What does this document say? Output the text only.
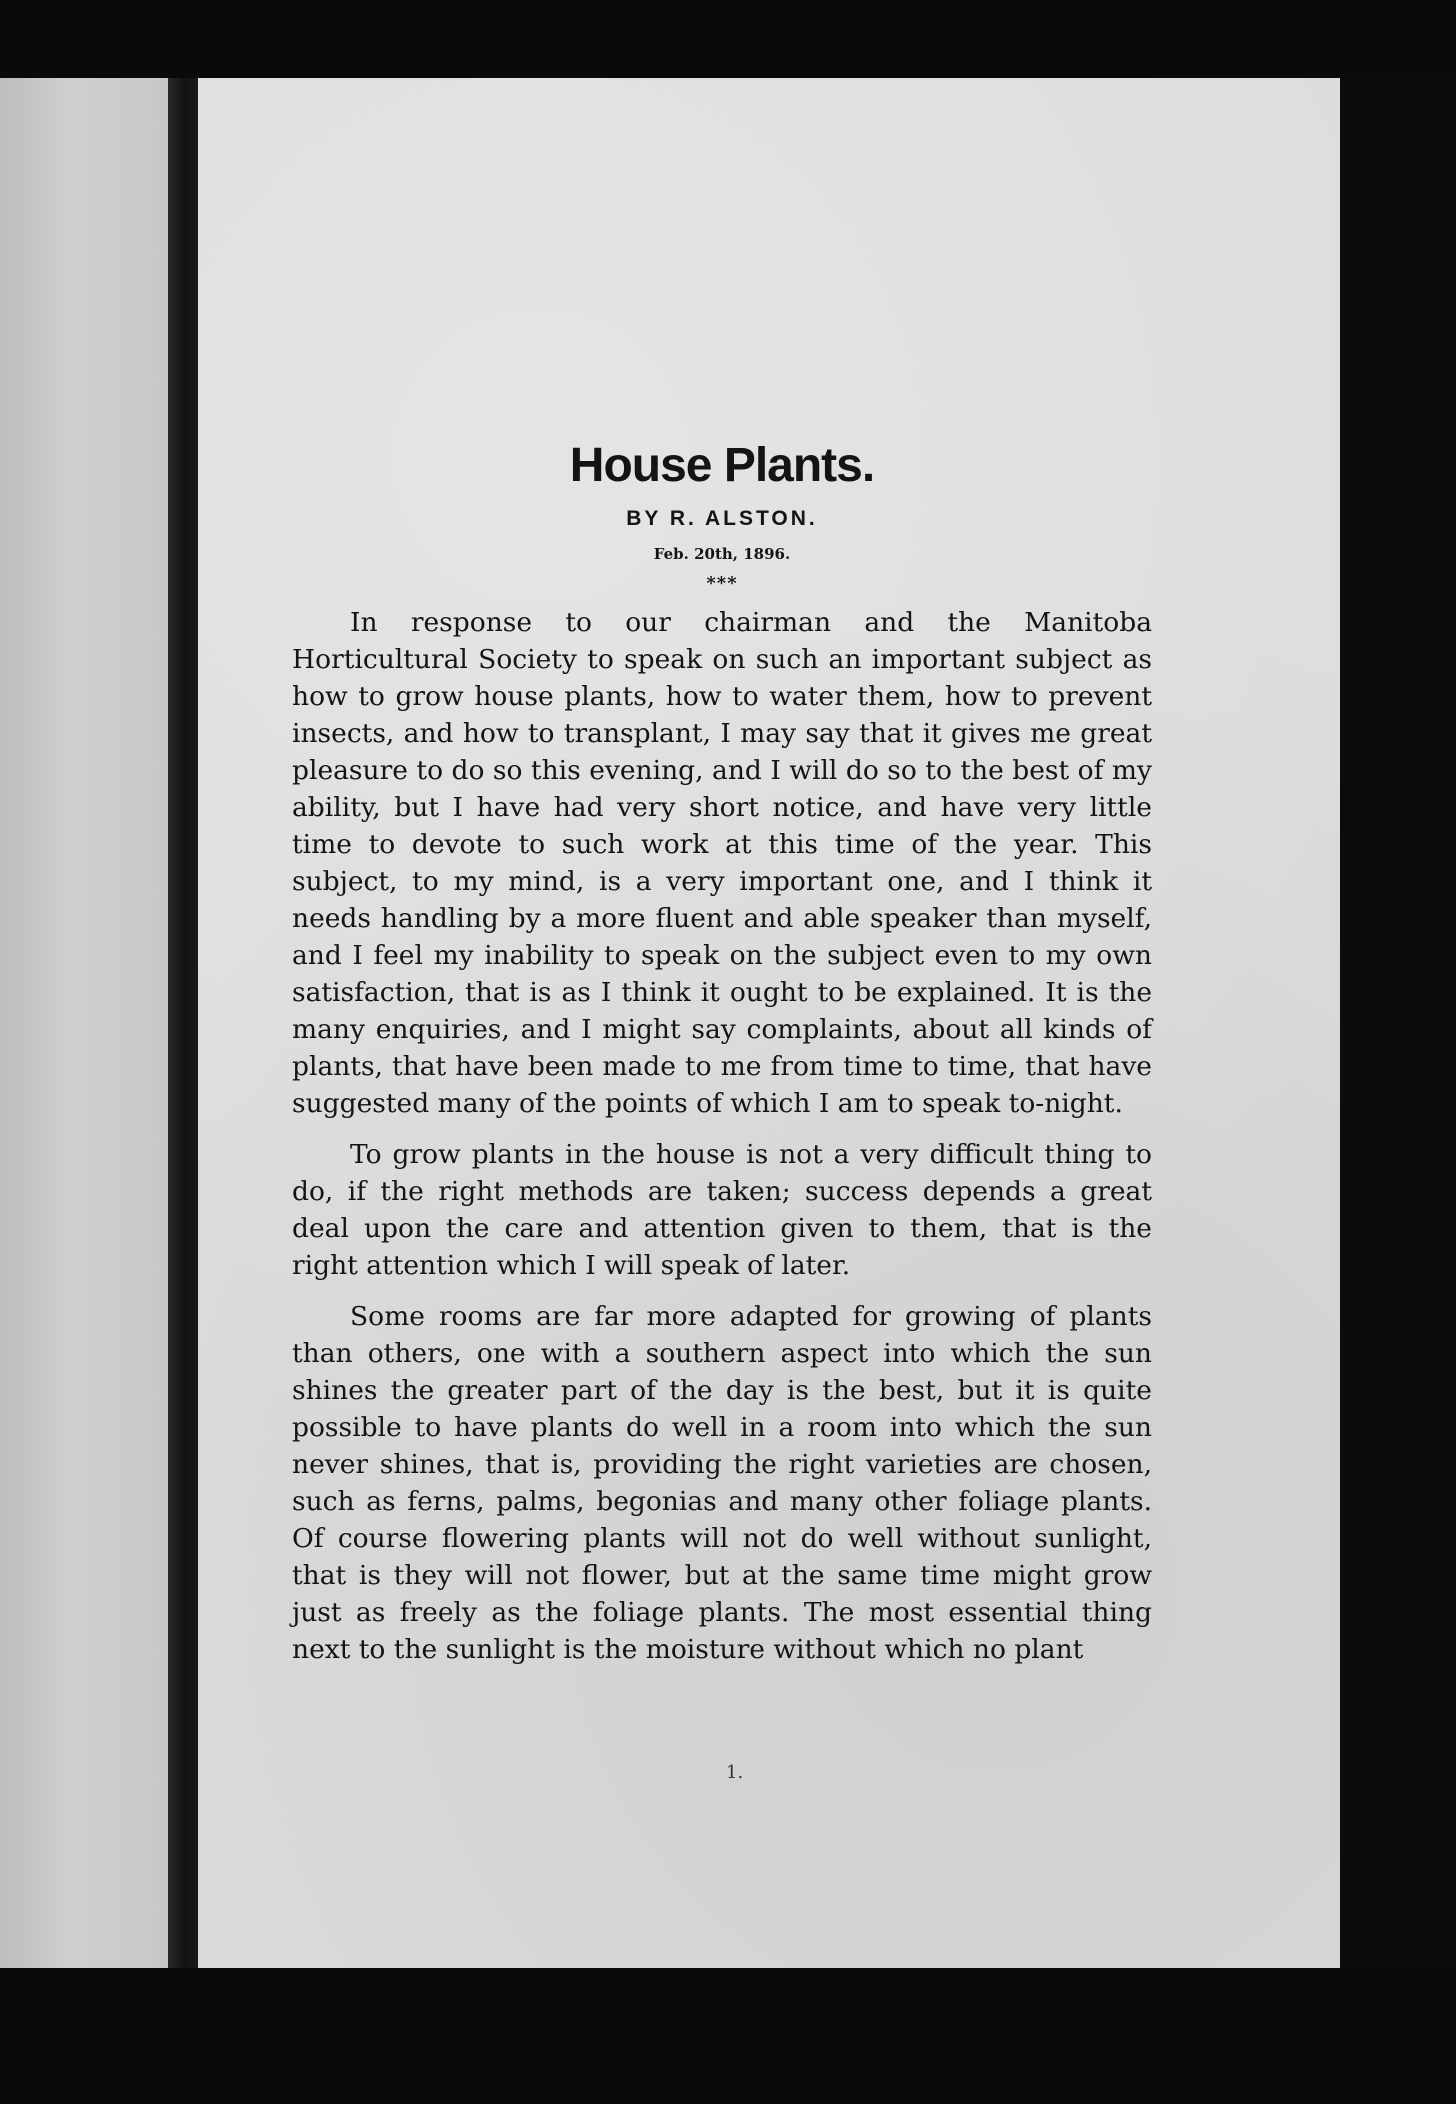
House Plants.
BY R. ALSTON.
Feb. 20th, 1896.
***

In response to our chairman and the Manitoba Horticultural Society to speak on such an important subject as how to grow house plants, how to water them, how to prevent insects, and how to transplant, I may say that it gives me great pleasure to do so this evening, and I will do so to the best of my ability, but I have had very short notice, and have very little time to devote to such work at this time of the year. This subject, to my mind, is a very important one, and I think it needs handling by a more fluent and able speaker than myself, and I feel my inability to speak on the subject even to my own satisfaction, that is as I think it ought to be explained. It is the many enquiries, and I might say complaints, about all kinds of plants, that have been made to me from time to time, that have suggested many of the points of which I am to speak to-night.

To grow plants in the house is not a very difficult thing to do, if the right methods are taken; success depends a great deal upon the care and attention given to them, that is the right attention which I will speak of later.

Some rooms are far more adapted for growing of plants than others, one with a southern aspect into which the sun shines the greater part of the day is the best, but it is quite possible to have plants do well in a room into which the sun never shines, that is, providing the right varieties are chosen, such as ferns, palms, begonias and many other foliage plants. Of course flowering plants will not do well without sunlight, that is they will not flower, but at the same time might grow just as freely as the foliage plants. The most essential thing next to the sunlight is the moisture without which no plant

1.
